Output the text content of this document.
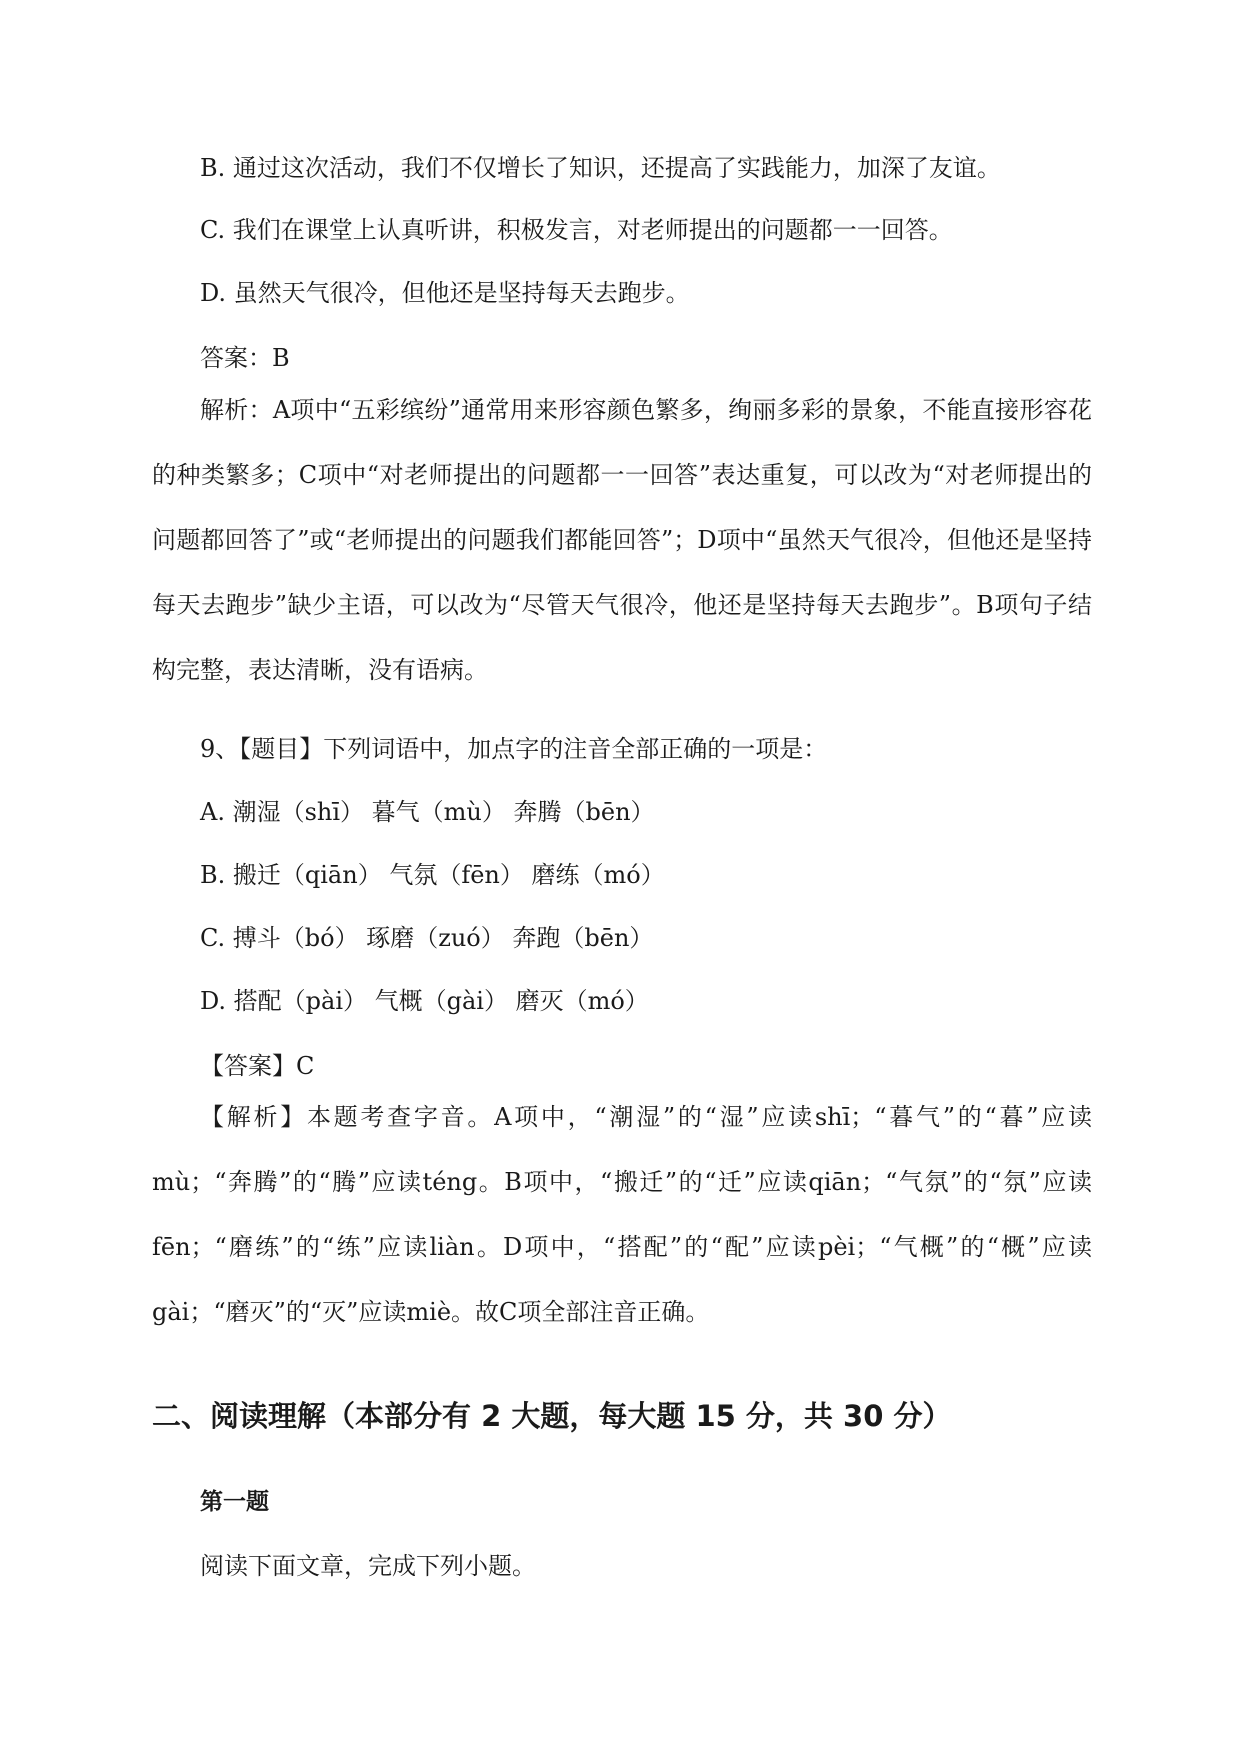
B. 通过这次活动，我们不仅增长了知识，还提高了实践能力，加深了友谊。
C. 我们在课堂上认真听讲，积极发言，对老师提出的问题都一一回答。
D. 虽然天气很冷，但他还是坚持每天去跑步。
答案：B
解析：A项中“五彩缤纷”通常用来形容颜色繁多，绚丽多彩的景象，不能直接形容花的种类繁多；C项中“对老师提出的问题都一一回答”表达重复，可以改为“对老师提出的问题都回答了”或“老师提出的问题我们都能回答”；D项中“虽然天气很冷，但他还是坚持每天去跑步”缺少主语，可以改为“尽管天气很冷，他还是坚持每天去跑步”。B项句子结构完整，表达清晰，没有语病。
9、【题目】下列词语中，加点字的注音全部正确的一项是：
A. 潮湿（shī） 暮气（mù） 奔腾（bēn）
B. 搬迁（qiān） 气氛（fēn） 磨练（mó）
C. 搏斗（bó） 琢磨（zuó） 奔跑（bēn）
D. 搭配（pài） 气概（gài） 磨灭（mó）
【答案】C
【解析】本题考查字音。A项中，“潮湿”的“湿”应读shī；“暮气”的“暮”应读mù；“奔腾”的“腾”应读téng。B项中，“搬迁”的“迁”应读qiān；“气氛”的“氛”应读fēn；“磨练”的“练”应读liàn。D项中，“搭配”的“配”应读pèi；“气概”的“概”应读gài；“磨灭”的“灭”应读miè。故C项全部注音正确。
二、阅读理解（本部分有 2 大题，每大题 15 分，共 30 分）
第一题
阅读下面文章，完成下列小题。
